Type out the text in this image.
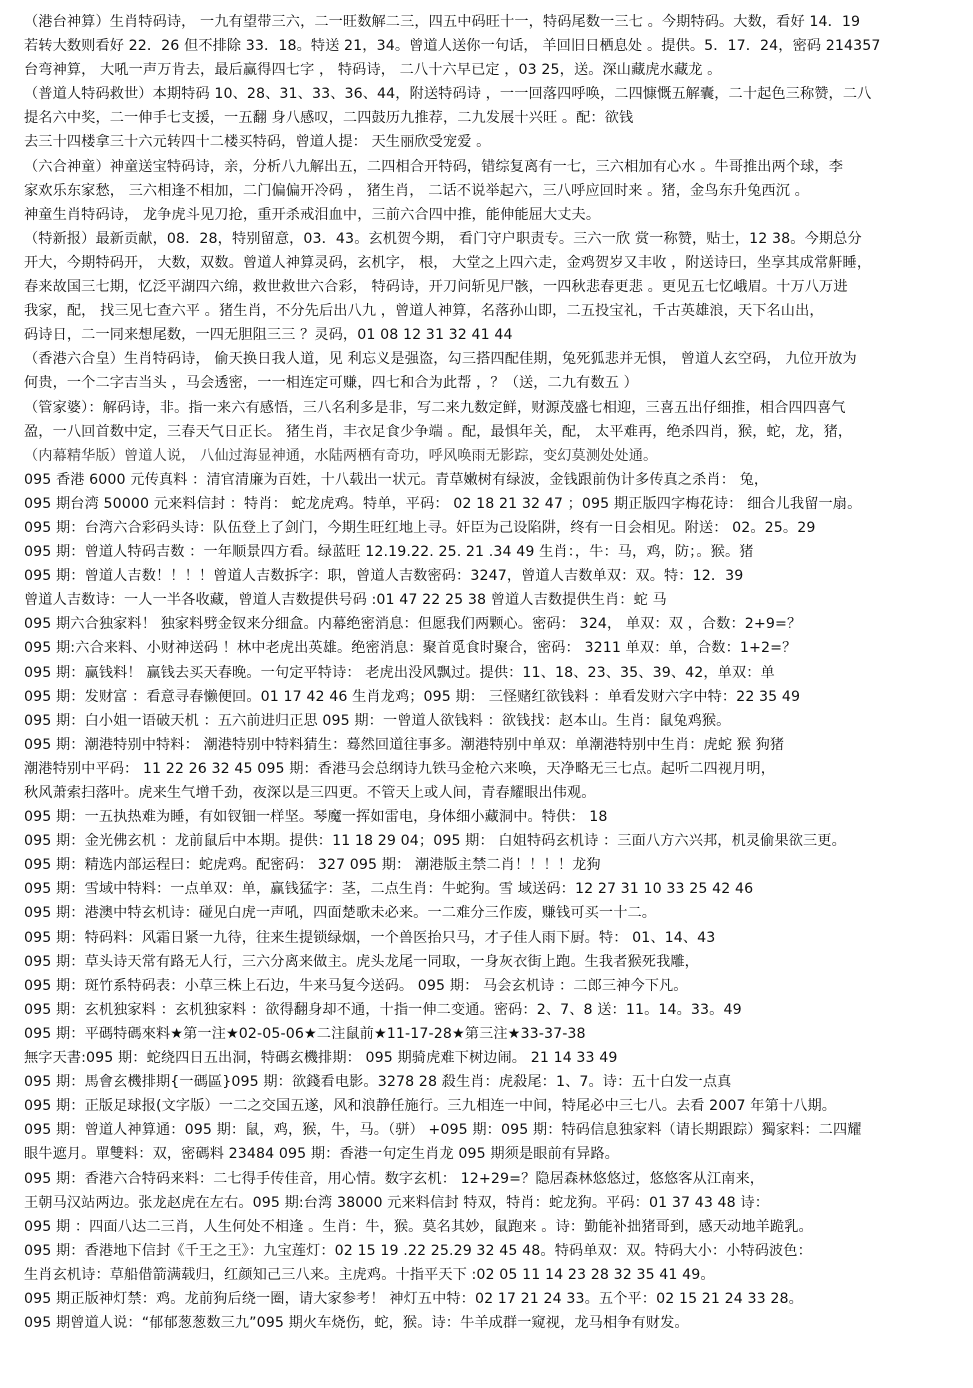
（港台神算）生肖特码诗， 一九有望带三六，二一旺数解二三，四五中码旺十一，特码尾数一三七 。今期特码。大数，看好 14．19
若转大数则看好 22．26 但不排除 33．18。特送 21，34。曾道人送你一句话， 羊回旧日栖息处 。提供。5．17．24，密码 214357
台弯神算， 大吼一声万肯去，最后赢得四七字 ， 特码诗， 二八十六早已定 ，03 25，送。深山藏虎水藏龙 。
（普道人特码救世）本期特码 10、28、31、33、36、44，附送特码诗 ，一一回落四呼唤，二四慷慨五解囊，二十起色三称赞，二八
提名六中奖，二一伸手七支援，一五翻 身八感叹，二四鼓历九推荐，二九发展十兴旺 。配：欲钱
去三十四楼拿三十六元转四十二楼买特码，曾道人提： 天生丽欣受宠爱 。
（六合神童）神童送宝特码诗，亲，分析八九解出五，二四相合开特码，错综复离有一七，三六相加有心水 。牛哥推出两个球，李
家欢乐东家愁， 三六相逢不相加，二门偏偏开冷码 ， 猪生肖， 二话不说举起六，三八呼应回时来 。猪，金鸟东升兔西沉 。
神童生肖特码诗， 龙争虎斗见刀抢，重开杀戒泪血中，三前六合四中推，能伸能屈大丈夫。
（特新报）最新贡献，08．28，特别留意，03．43。玄机贺今期， 看门守户职责专。三六一欣 赏一称赞，贴士，12 38。今期总分
开大，今期特码开， 大数，双数。曾道人神算灵码，玄机字， 根， 大堂之上四六走，金鸡贺岁又丰收 ，附送诗曰，坐享其成常鼾睡，
春来故国三七期，忆泛平湖四六绵，救世救世六合彩， 特码诗，开刀问斩见尸骸，一四秋悲春更悲 。更见五七忆峨眉。十万八万进
我家，配， 找三见七查六平 。猪生肖，不分先后出八九 ，曾道人神算，名落孙山即，二五投宝礼，千古英雄浪，天下名山出，
码诗日，二一同来想尾数，一四无胆阻三三 ？灵码，01 08 12 31 32 41 44
（香港六合皇）生肖特码诗， 偷天换日我人道，见 利忘义是强盗，勾三搭四配佳期，兔死狐悲并无惧， 曾道人玄空码， 九位开放为
何贵，一个二字吉当头 ，马会透密，一一相连定可赚，四七和合为此帮 ，？（送，二九有数五 ）
（管家婆）：解码诗，非。指一来六有感悟，三八名利多是非，写二来九数定鲜，财源茂盛七相迎，三喜五出仔细推，相合四四喜气
盈，一八回首数中定，三春天气日正长。 猪生肖，丰衣足食少争端 。配，最惧年关，配， 太平难再，绝杀四肖，猴，蛇，龙，猪，
（内幕精华版）曾道人说， 八仙过海显神通，水陆两栖有奇功，呼风唤雨无影踪，变幻莫测处处通。
095 香港 6000 元传真料 ：清官清廉为百姓，十八载出一状元。青草嫩树有绿波，金钱跟前伪计多传真之杀肖： 兔，
095 期台湾 50000 元来料信封 ：特肖： 蛇龙虎鸡。特单，平码： 02 18 21 32 47 ；095 期正版四字梅花诗： 细合儿我留一扇。
095 期：台湾六合彩码头诗：队伍登上了剑门，今期生旺红地上寻。奸臣为己设陷阱，终有一日会相见。附送： 02。25。29
095 期：曾道人特码吉数 ：一年顺景四方看。绿蓝旺 12.19.22. 25. 21 .34 49 生肖：，牛：马，鸡，防；。猴。猪
095 期：曾道人吉数！！！！曾道人吉数拆字：职，曾道人吉数密码：3247，曾道人吉数单双：双。特：12．39
曾道人吉数诗：一人一半各收藏，曾道人吉数提供号码 :01 47 22 25 38 曾道人吉数提供生肖：蛇 马
095 期六合独家料！ 独家料劈金钗来分细盒。内幕绝密消息：但愿我们两颗心。密码： 324， 单双：双 ，合数：2+9=？
095 期:六合来料、小财神送码 ！林中老虎出英雄。绝密消息：聚首觅食时聚合，密码： 3211 单双：单，合数：1+2=？
095 期：赢钱料！ 赢钱去买天春晚。一句定平特诗： 老虎出没风飘过。提供：11、18、23、35、39、42，单双：单
095 期：发财富 ：看意寻春懒便回。01 17 42 46 生肖龙鸡；095 期： 三怪赌红欲钱料 ：单看发财六字中特：22 35 49
095 期：白小姐一语破天机 ：五六前进归正思 095 期：一曾道人欲钱料 ：欲钱找：赵本山。生肖：鼠兔鸡猴。
095 期：潮港特别中特料： 潮港特别中特料猜生：蓦然回道往事多。潮港特别中单双：单潮港特别中生肖：虎蛇 猴 狗猪
潮港特别中平码： 11 22 26 32 45 095 期：香港马会总纲诗九铁马金枪六来唤，天净略无三七点。起听二四视月明，
秋风萧索扫落叶。虎来生气增千劲，夜深以是三四更。不管天上或人间，青春耀眼出伟观。
095 期：一五执热难为睡，有如钗钿一样坚。琴魔一挥如雷电，身体细小藏洞中。特供： 18
095 期：金光佛玄机 ：龙前鼠后中本期。提供：11 18 29 04；095 期： 白姐特码玄机诗 ：三面八方六兴邦，机灵偷果欲三更。
095 期：精选内部运程曰：蛇虎鸡。配密码： 327 095 期： 潮港版主禁二肖！！！！龙狗
095 期：雪域中特料：一点单双：单，赢钱猛字：茎，二点生肖：牛蛇狗。雪 域送码：12 27 31 10 33 25 42 46
095 期：港澳中特玄机诗：碰见白虎一声吼，四面楚歌未必来。一二难分三作废，赚钱可买一十二。
095 期：特码料：风霜日紧一九待，往来生提锁绿烟，一个兽医抬只马，才子佳人雨下厨。特： 01、14、43
095 期：草头诗天常有路无人行，三六分离来做主。虎头龙尾一同取，一身灰衣街上跑。生我者猴死我雕，
095 期：斑竹系特码表：小草三株上石边，牛来马复今送码。 095 期： 马会玄机诗 ：二郎三神今下凡。
095 期：玄机独家料 ：玄机独家料 ：欲得翻身却不通，十指一伸二变通。密码：2、7、8 送：11。14。33。49
095 期：平碼特碼來料★第一注★02-05-06★二注鼠前★11-17-28★第三注★33-37-38
無字天書:095 期：蛇绕四日五出洞，特碼玄機排期： 095 期骑虎难下树边闹。 21 14 33 49
095 期：馬會玄機排期{一碼區}095 期：欲錢看电影。3278 28 殺生肖：虎殺尾：1、7。诗：五十白发一点真
095 期：正版足球报(文字版）一二之交国五遂，风和浪静任施行。三九相连一中间，特尾必中三七八。去看 2007 年第十八期。
095 期：曾道人神算通：095 期：鼠，鸡，猴，牛，马。（骈） +095 期：095 期：特码信息独家料（请长期跟踪）獨家料：二四耀
眼牛遮月。單雙料：双，密碼料 23484 095 期：香港一句定生肖龙 095 期须是眼前有异路。
095 期：香港六合特码来料：二七得手传佳音，用心情。数字玄机： 12+29=？隐居森林悠悠过，悠悠客从江南来，
王朝马汉站两边。张龙赵虎在左右。095 期:台湾 38000 元来料信封 特双，特肖：蛇龙狗。平码：01 37 43 48 诗：
095 期 ：四面八达二三肖，人生何处不相逢 。生肖：牛，猴。莫名其妙，鼠跑来 。诗：勤能补拙猪哥到，感天动地羊跪乳。
095 期：香港地下信封《千王之王》：九宝莲灯：02 15 19 .22 25.29 32 45 48。特码单双：双。特码大小：小特码波色：
生肖玄机诗：草船借箭满载归，红颜知己三八来。主虎鸡。十指平天下 :02 05 11 14 23 28 32 35 41 49。
095 期正版神灯禁：鸡。龙前狗后绕一圈，请大家参考！ 神灯五中特：02 17 21 24 33。五个平：02 15 21 24 33 28。
095 期曾道人说：“郁郁葱葱数三九”095 期火车烧伤，蛇，猴。诗：牛羊成群一窥视，龙马相争有财发。
